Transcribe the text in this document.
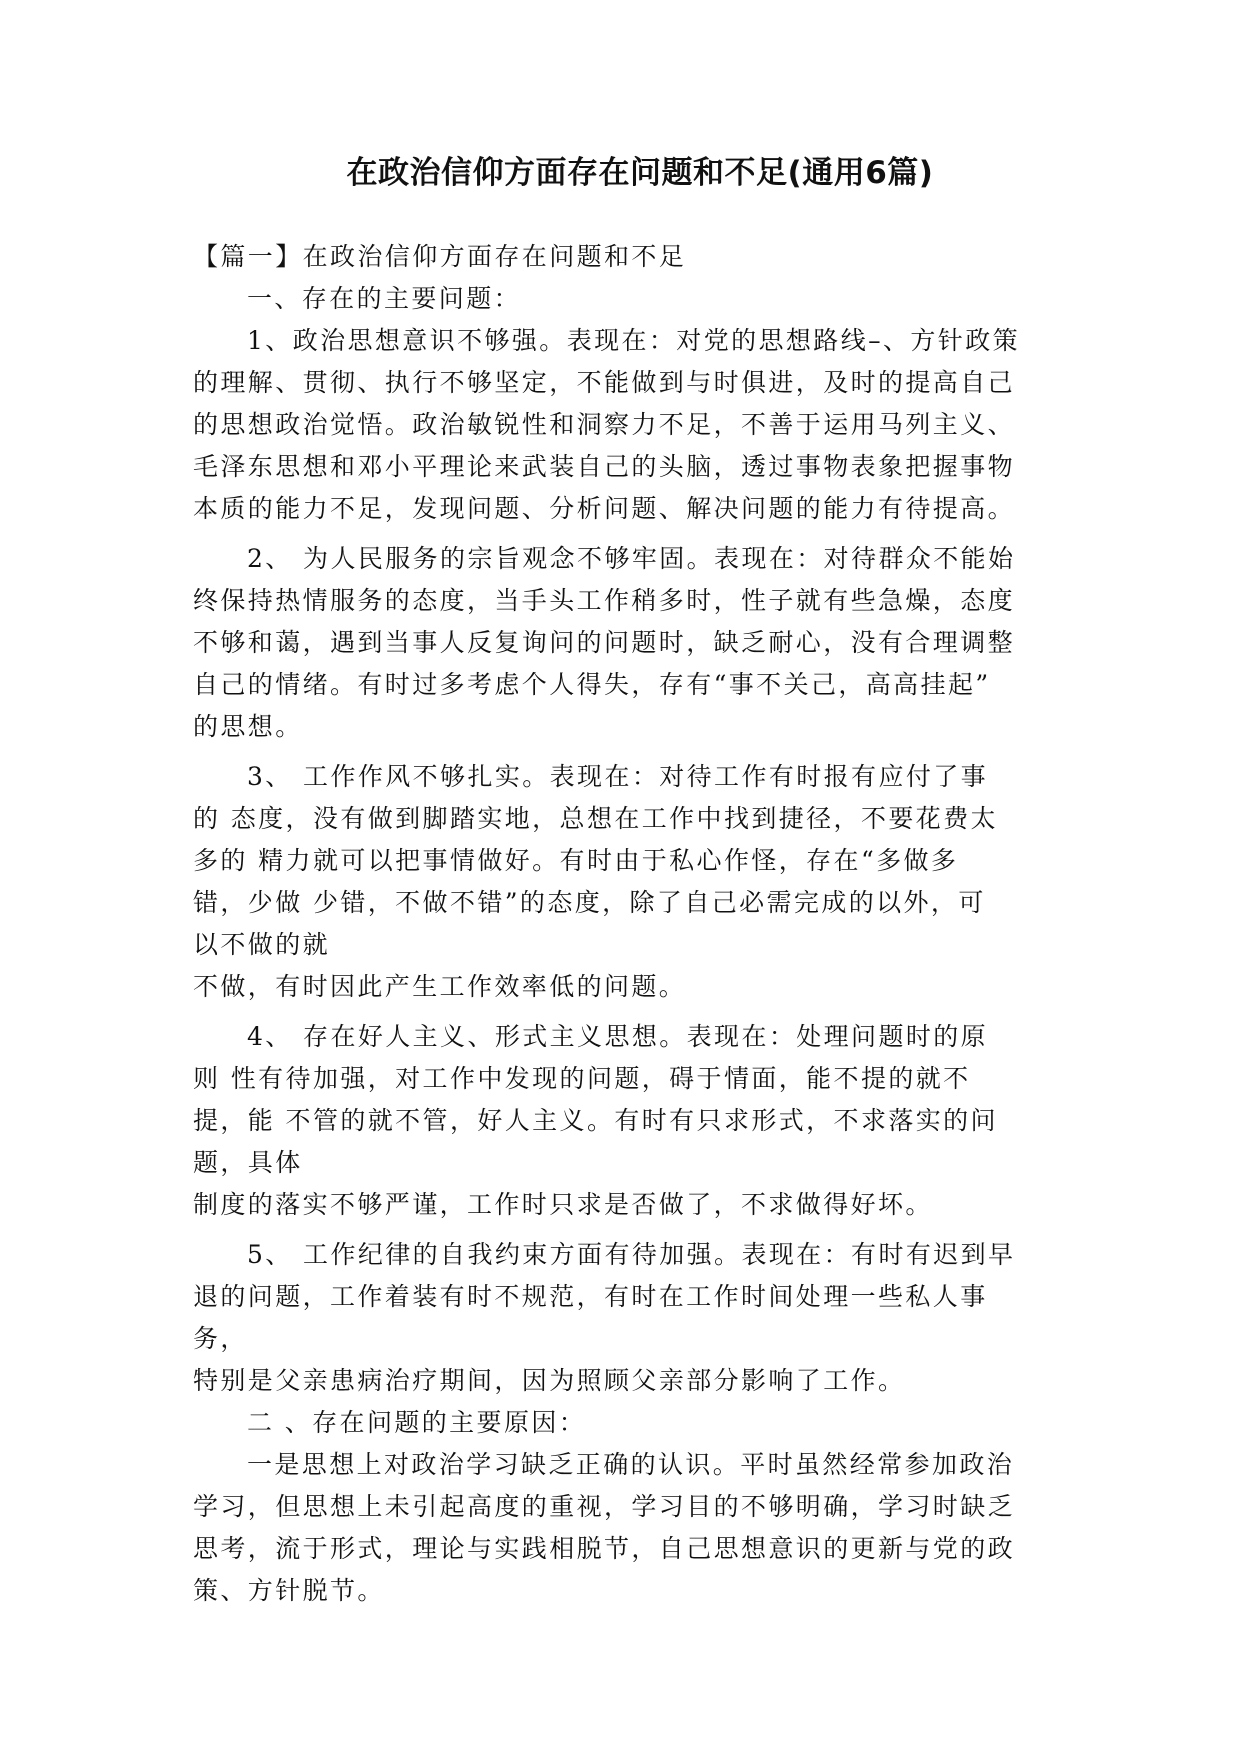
在政治信仰方面存在问题和不足(通用6篇)
【篇一】在政治信仰方面存在问题和不足
一、存在的主要问题：
1、政治思想意识不够强。表现在：对党的思想路线–、方针政策
的理解、贯彻、执行不够坚定，不能做到与时俱进，及时的提高自己
的思想政治觉悟。政治敏锐性和洞察力不足，不善于运用马列主义、
毛泽东思想和邓小平理论来武装自己的头脑，透过事物表象把握事物
本质的能力不足，发现问题、分析问题、解决问题的能力有待提高。
2、 为人民服务的宗旨观念不够牢固。表现在：对待群众不能始
终保持热情服务的态度，当手头工作稍多时，性子就有些急燥，态度
不够和蔼，遇到当事人反复询问的问题时，缺乏耐心，没有合理调整
自己的情绪。有时过多考虑个人得失，存有“事不关己，高高挂起”
的思想。
3、 工作作风不够扎实。表现在：对待工作有时报有应付了事
的 态度，没有做到脚踏实地，总想在工作中找到捷径，不要花费太
多的 精力就可以把事情做好。有时由于私心作怪，存在“多做多
错，少做 少错，不做不错”的态度，除了自己必需完成的以外，可
以不做的就
不做，有时因此产生工作效率低的问题。
4、 存在好人主义、形式主义思想。表现在：处理问题时的原
则 性有待加强，对工作中发现的问题，碍于情面，能不提的就不
提，能 不管的就不管，好人主义。有时有只求形式，不求落实的问
题，具体
制度的落实不够严谨，工作时只求是否做了，不求做得好坏。
5、 工作纪律的自我约束方面有待加强。表现在：有时有迟到早
退的问题，工作着装有时不规范，有时在工作时间处理一些私人事
务，
特别是父亲患病治疗期间，因为照顾父亲部分影响了工作。
二 、存在问题的主要原因：
一是思想上对政治学习缺乏正确的认识。平时虽然经常参加政治
学习，但思想上未引起高度的重视，学习目的不够明确，学习时缺乏
思考，流于形式，理论与实践相脱节，自己思想意识的更新与党的政
策、方针脱节。
